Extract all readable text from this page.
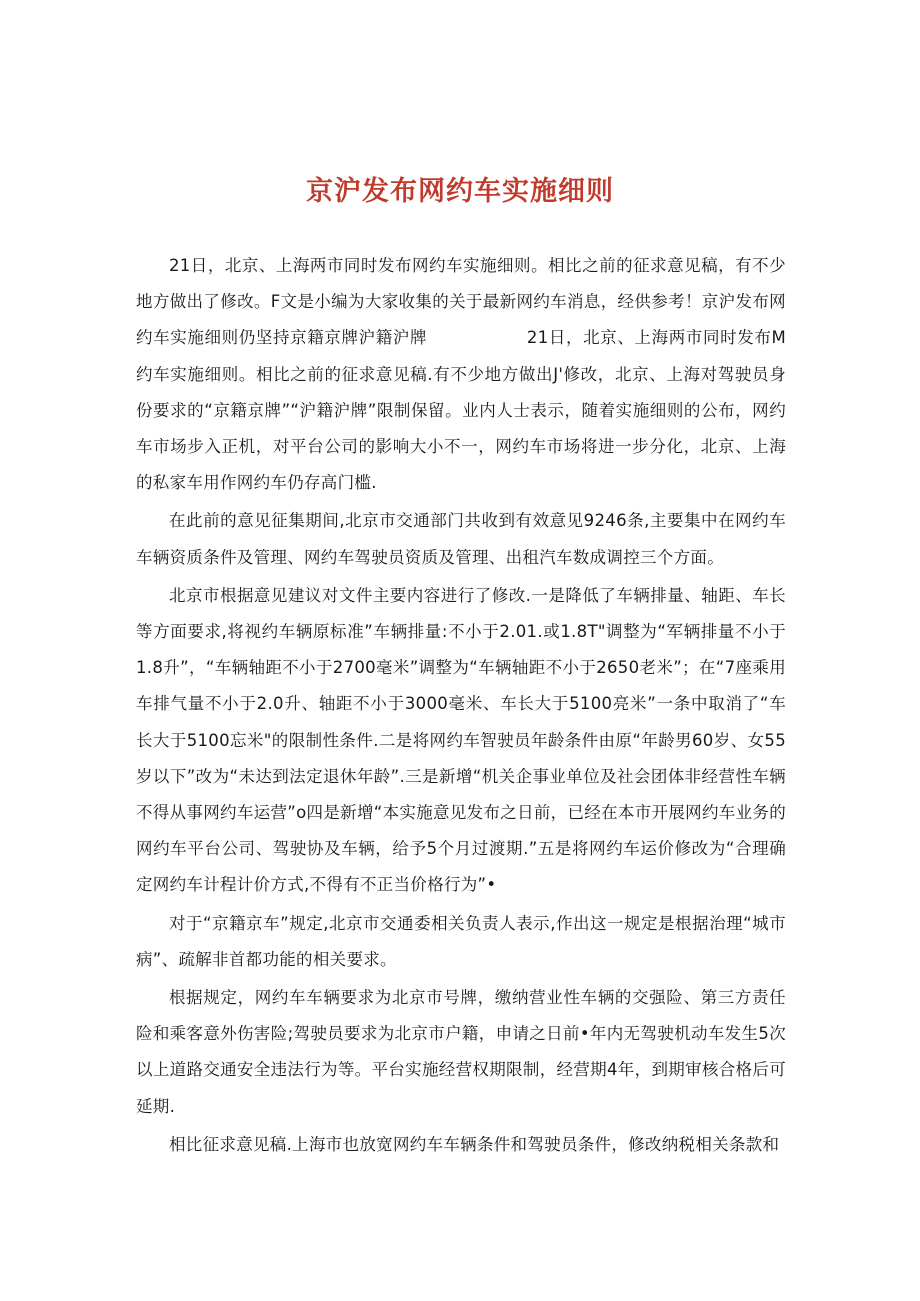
京沪发布网约车实施细则

21日，北京、上海两市同时发布网约车实施细则。相比之前的征求意见稿，有不少地方做出了修改。F文是小编为大家收集的关于最新网约车消息，经供参考！京沪发布网约车实施细则仍坚持京籍京牌沪籍沪牌                 21日，北京、上海两市同时发布M约车实施细则。相比之前的征求意见稿.有不少地方做出J'修改，北京、上海对驾驶员身份要求的“京籍京牌”“沪籍沪牌”限制保留。业内人士表示，随着实施细则的公布，网约车市场步入正机，对平台公司的影响大小不一，网约车市场将进一步分化，北京、上海的私家车用作网约车仍存高门槛.

在此前的意见征集期间,北京市交通部门共收到有效意见9246条,主要集中在网约车车辆资质条件及管理、网约车驾驶员资质及管理、出租汽车数成调控三个方面。

北京市根据意见建议对文件主要内容进行了修改.一是降低了车辆排量、轴距、车长等方面要求,将视约车辆原标准”车辆排量:不小于2.01.或1.8T"调整为“军辆排量不小于1.8升”，“车辆轴距不小于2700毫米”调整为“车辆轴距不小于2650老米”；在“7座乘用车排气量不小于2.0升、轴距不小于3000毫米、车长大于5100亮米”一条中取消了“车长大于5100忘米"的限制性条件.二是将网约车智驶员年龄条件由原“年龄男60岁、女55岁以下”改为“未达到法定退休年龄”.三是新增“机关企事业单位及社会团体非经营性车辆不得从事网约车运营”o四是新增“本实施意见发布之日前，已经在本市开展网约车业务的网约车平台公司、驾驶协及车辆，给予5个月过渡期.”五是将网约车运价修改为“合理确定网约车计程计价方式,不得有不正当价格行为”•

对于“京籍京车”规定,北京市交通委相关负责人表示,作出这一规定是根据治理“城市病”、疏解非首都功能的相关要求。

根据规定，网约车车辆要求为北京市号牌，缴纳营业性车辆的交强险、第三方责任险和乘客意外伤害险;驾驶员要求为北京市户籍，申请之日前•年内无驾驶机动车发生5次以上道路交通安全违法行为等。平台实施经营权期限制，经营期4年，到期审核合格后可延期.

相比征求意见稿.上海市也放宽网约车车辆条件和驾驶员条件，修改纳税相关条款和
